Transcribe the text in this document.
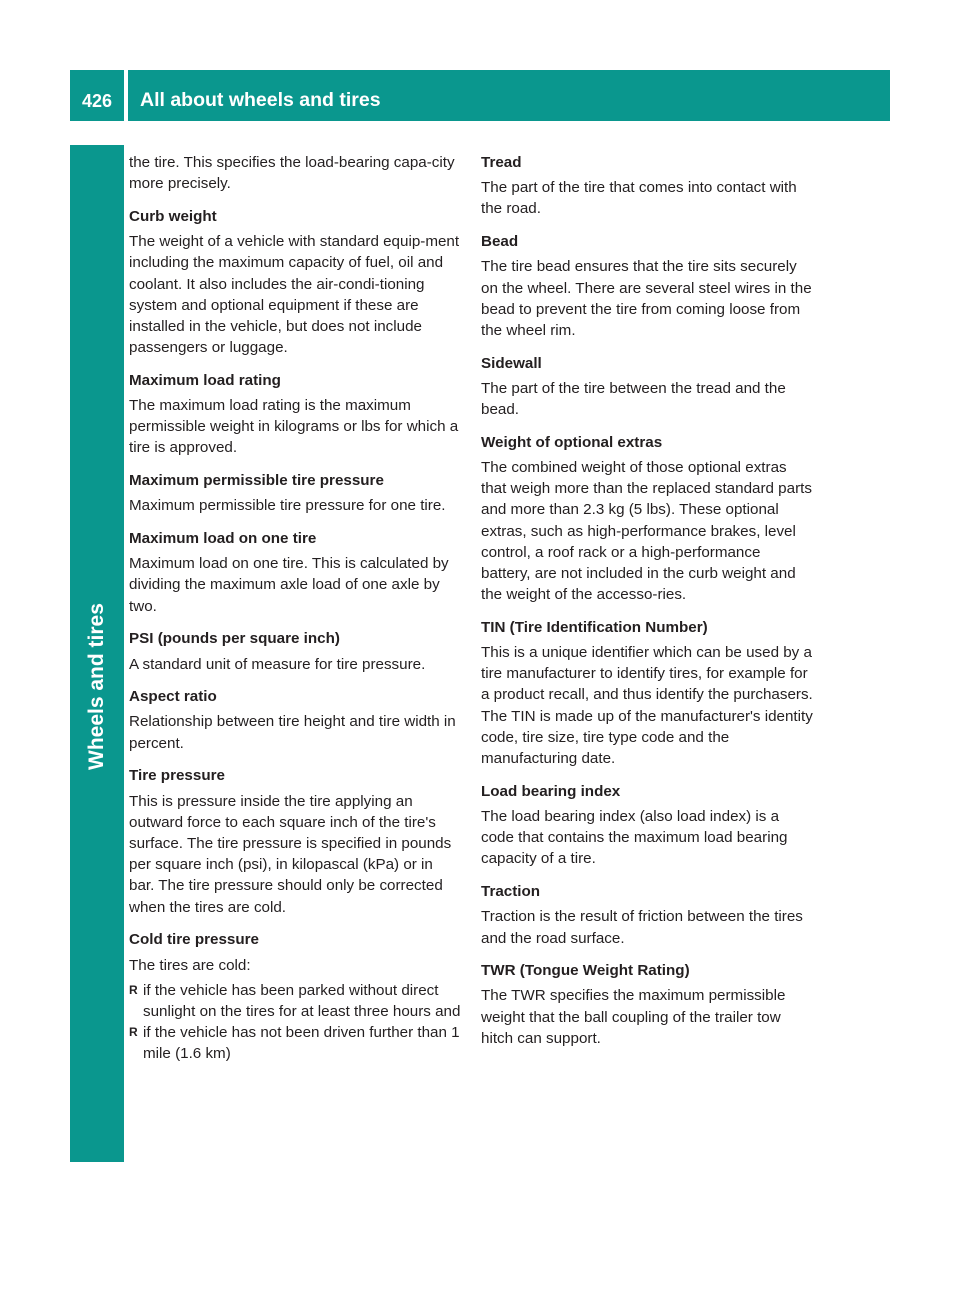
426	All about wheels and tires
Wheels and tires

the tire. This specifies the load-bearing capa-city more precisely.

Curb weight

The weight of a vehicle with standard equip-ment including the maximum capacity of fuel, oil and coolant. It also includes the air-condi-tioning system and optional equipment if these are installed in the vehicle, but does not include passengers or luggage.

Maximum load rating

The maximum load rating is the maximum permissible weight in kilograms or lbs for which a tire is approved.

Maximum permissible tire pressure

Maximum permissible tire pressure for one tire.

Maximum load on one tire

Maximum load on one tire. This is calculated by dividing the maximum axle load of one axle by two.

PSI (pounds per square inch)

A standard unit of measure for tire pressure.

Aspect ratio

Relationship between tire height and tire width in percent.

Tire pressure

This is pressure inside the tire applying an outward force to each square inch of the tire's surface. The tire pressure is specified in pounds per square inch (psi), in kilopascal (kPa) or in bar. The tire pressure should only be corrected when the tires are cold.

Cold tire pressure

The tires are cold:

R if the vehicle has been parked without direct sunlight on the tires for at least three hours and
R if the vehicle has not been driven further than 1 mile (1.6 km)
Tread

The part of the tire that comes into contact with the road.

Bead

The tire bead ensures that the tire sits securely on the wheel. There are several steel wires in the bead to prevent the tire from coming loose from the wheel rim.

Sidewall

The part of the tire between the tread and the bead.

Weight of optional extras

The combined weight of those optional extras that weigh more than the replaced standard parts and more than 2.3 kg (5 lbs). These optional extras, such as high-performance brakes, level control, a roof rack or a high-performance battery, are not included in the curb weight and the weight of the accesso-ries.

TIN (Tire Identification Number)

This is a unique identifier which can be used by a tire manufacturer to identify tires, for example for a product recall, and thus identify the purchasers. The TIN is made up of the manufacturer's identity code, tire size, tire type code and the manufacturing date.

Load bearing index

The load bearing index (also load index) is a code that contains the maximum load bearing capacity of a tire.

Traction

Traction is the result of friction between the tires and the road surface.

TWR (Tongue Weight Rating)

The TWR specifies the maximum permissible weight that the ball coupling of the trailer tow hitch can support.
